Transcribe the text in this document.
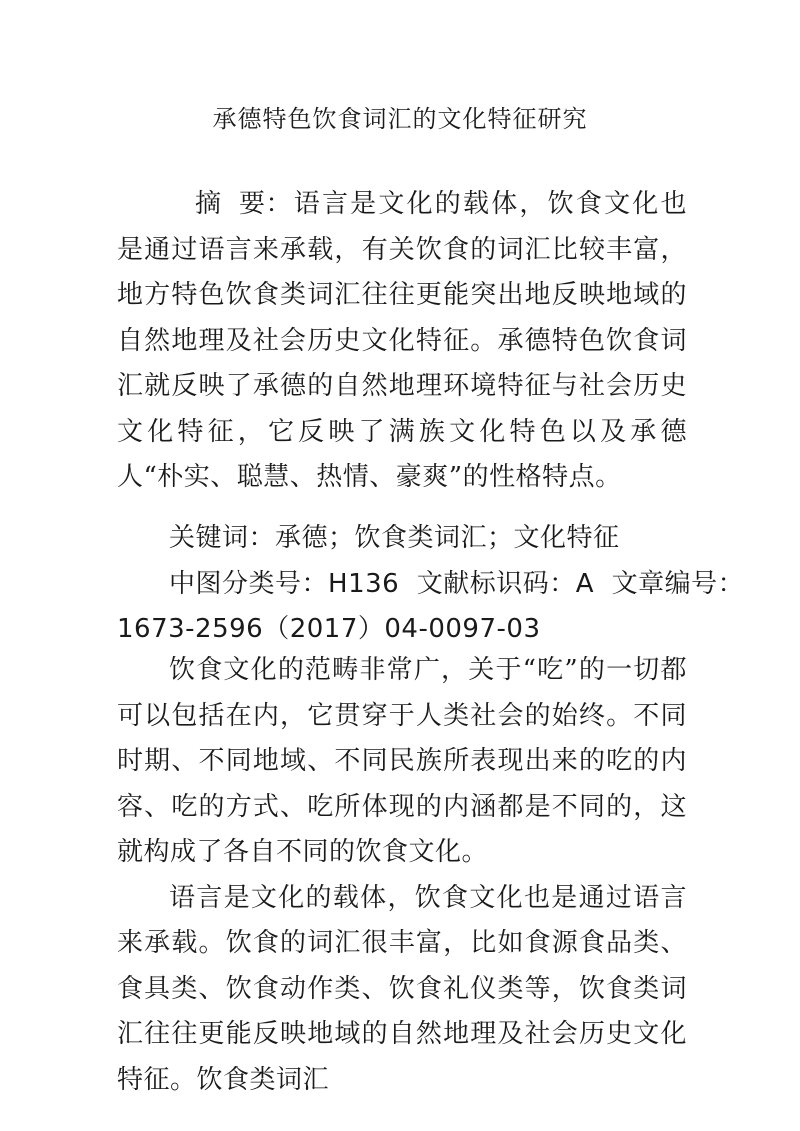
承德特色饮食词汇的文化特征研究
摘  要：语言是文化的载体，饮食文化也是通过语言来承载，有关饮食的词汇比较丰富，地方特色饮食类词汇往往更能突出地反映地域的自然地理及社会历史文化特征。承德特色饮食词汇就反映了承德的自然地理环境特征与社会历史文化特征，它反映了满族文化特色以及承德人“朴实、聪慧、热情、豪爽”的性格特点。
关键词：承德；饮食类词汇；文化特征
中图分类号：H136 文献标识码：A 文章编号：
1673-2596（2017）04-0097-03

饮食文化的范畴非常广，关于“吃”的一切都可以包括在内，它贯穿于人类社会的始终。不同时期、不同地域、不同民族所表现出来的吃的内容、吃的方式、吃所体现的内涵都是不同的，这就构成了各自不同的饮食文化。

语言是文化的载体，饮食文化也是通过语言来承载。饮食的词汇很丰富，比如食源食品类、食具类、饮食动作类、饮食礼仪类等，饮食类词汇往往更能反映地域的自然地理及社会历史文化特征。饮食类词汇
